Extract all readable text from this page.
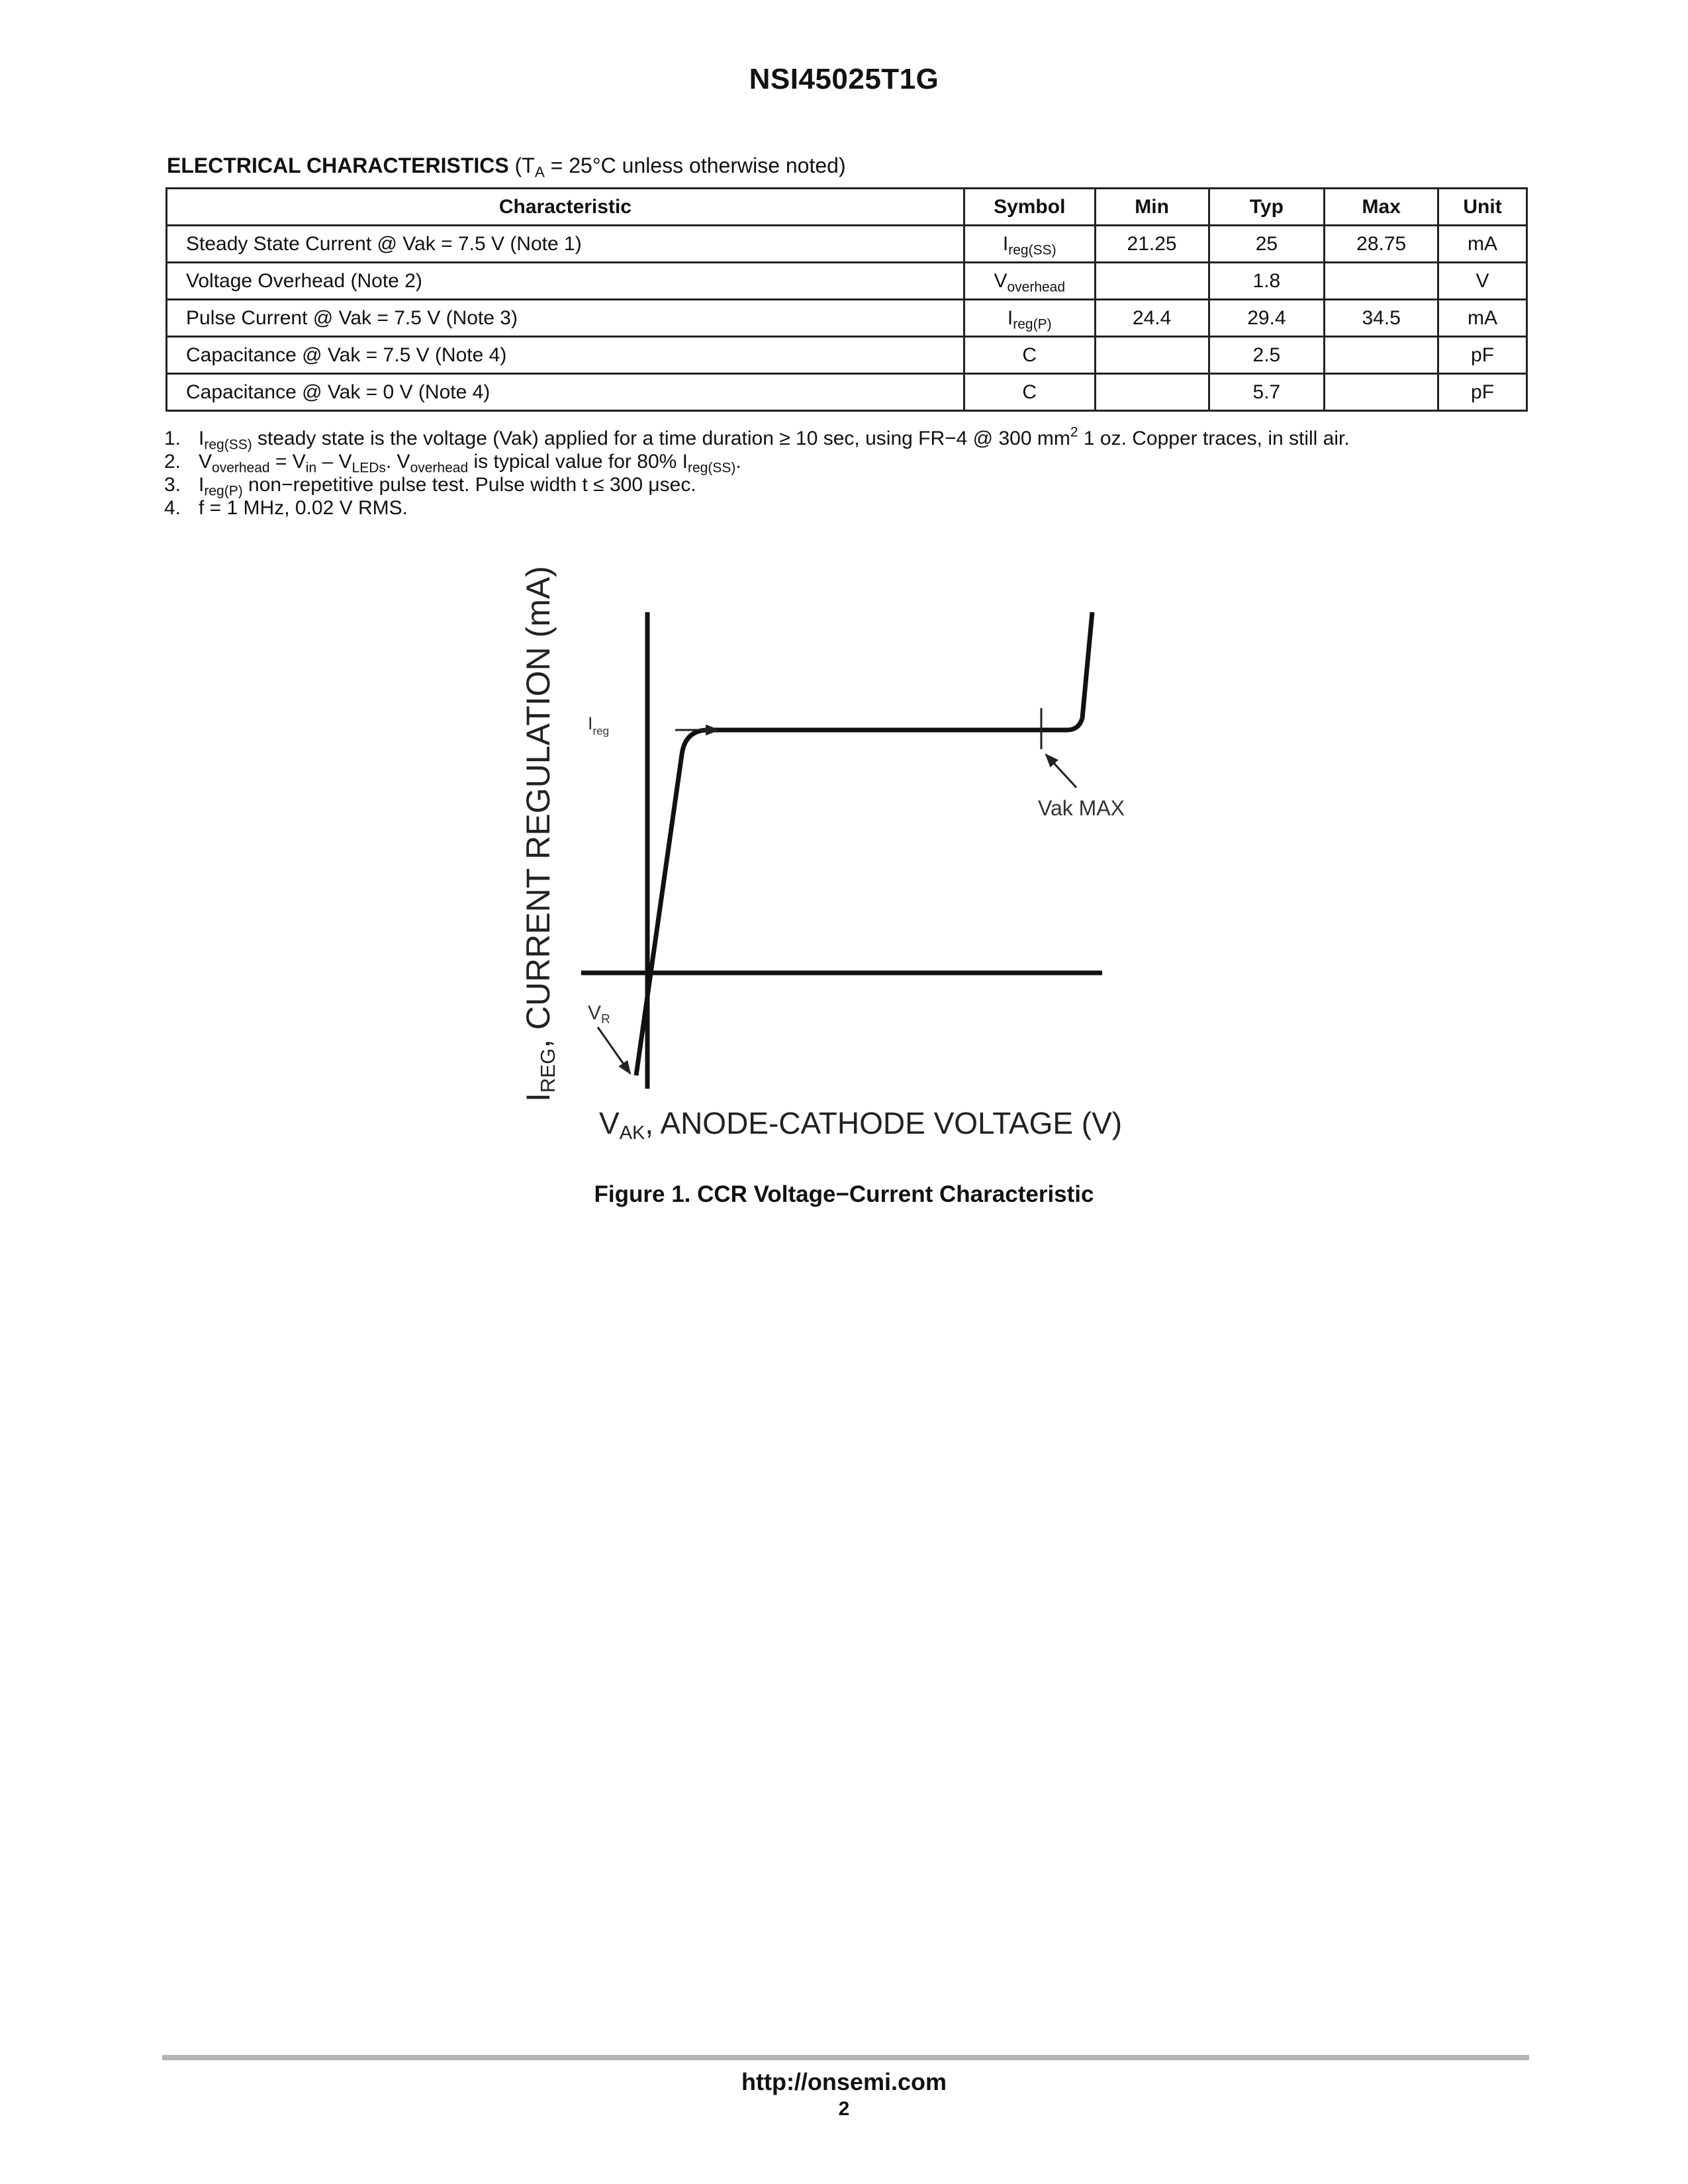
NSI45025T1G
ELECTRICAL CHARACTERISTICS ($T_A = 25^\circ C$ unless otherwise noted)
Characteristic	Symbol	Min	Typ	Max	Unit
Steady State Current @ Vak = 7.5 V (Note 1)	$I_{reg(SS)}$	21.25	25	28.75	mA
Voltage Overhead (Note 2)	$V_{overhead}$		1.8		V
Pulse Current @ Vak = 7.5 V (Note 3)	$I_{reg(P)}$	24.4	29.4	34.5	mA
Capacitance @ Vak = 7.5 V (Note 4)	C		2.5		pF
Capacitance @ Vak = 0 V (Note 4)	C		5.7		pF
1. $I_{reg(SS)}$ steady state is the voltage (Vak) applied for a time duration ≥ 10 sec, using FR−4 @ 300 $mm^2$ 1 oz. Copper traces, in still air.
2. $V_{overhead} = V_{in} - V_{LEDs}$. $V_{overhead}$ is typical value for 80% $I_{reg(SS)}$.
3. $I_{reg(P)}$ non−repetitive pulse test. Pulse width t ≤ 300 μsec.
4. f = 1 MHz, 0.02 V RMS.
$I_{reg}$
Vak MAX
$V_R$
IREG, CURRENT REGULATION (mA)
VAK, ANODE-CATHODE VOLTAGE (V)
Figure 1. CCR Voltage−Current Characteristic
http://onsemi.com
2
